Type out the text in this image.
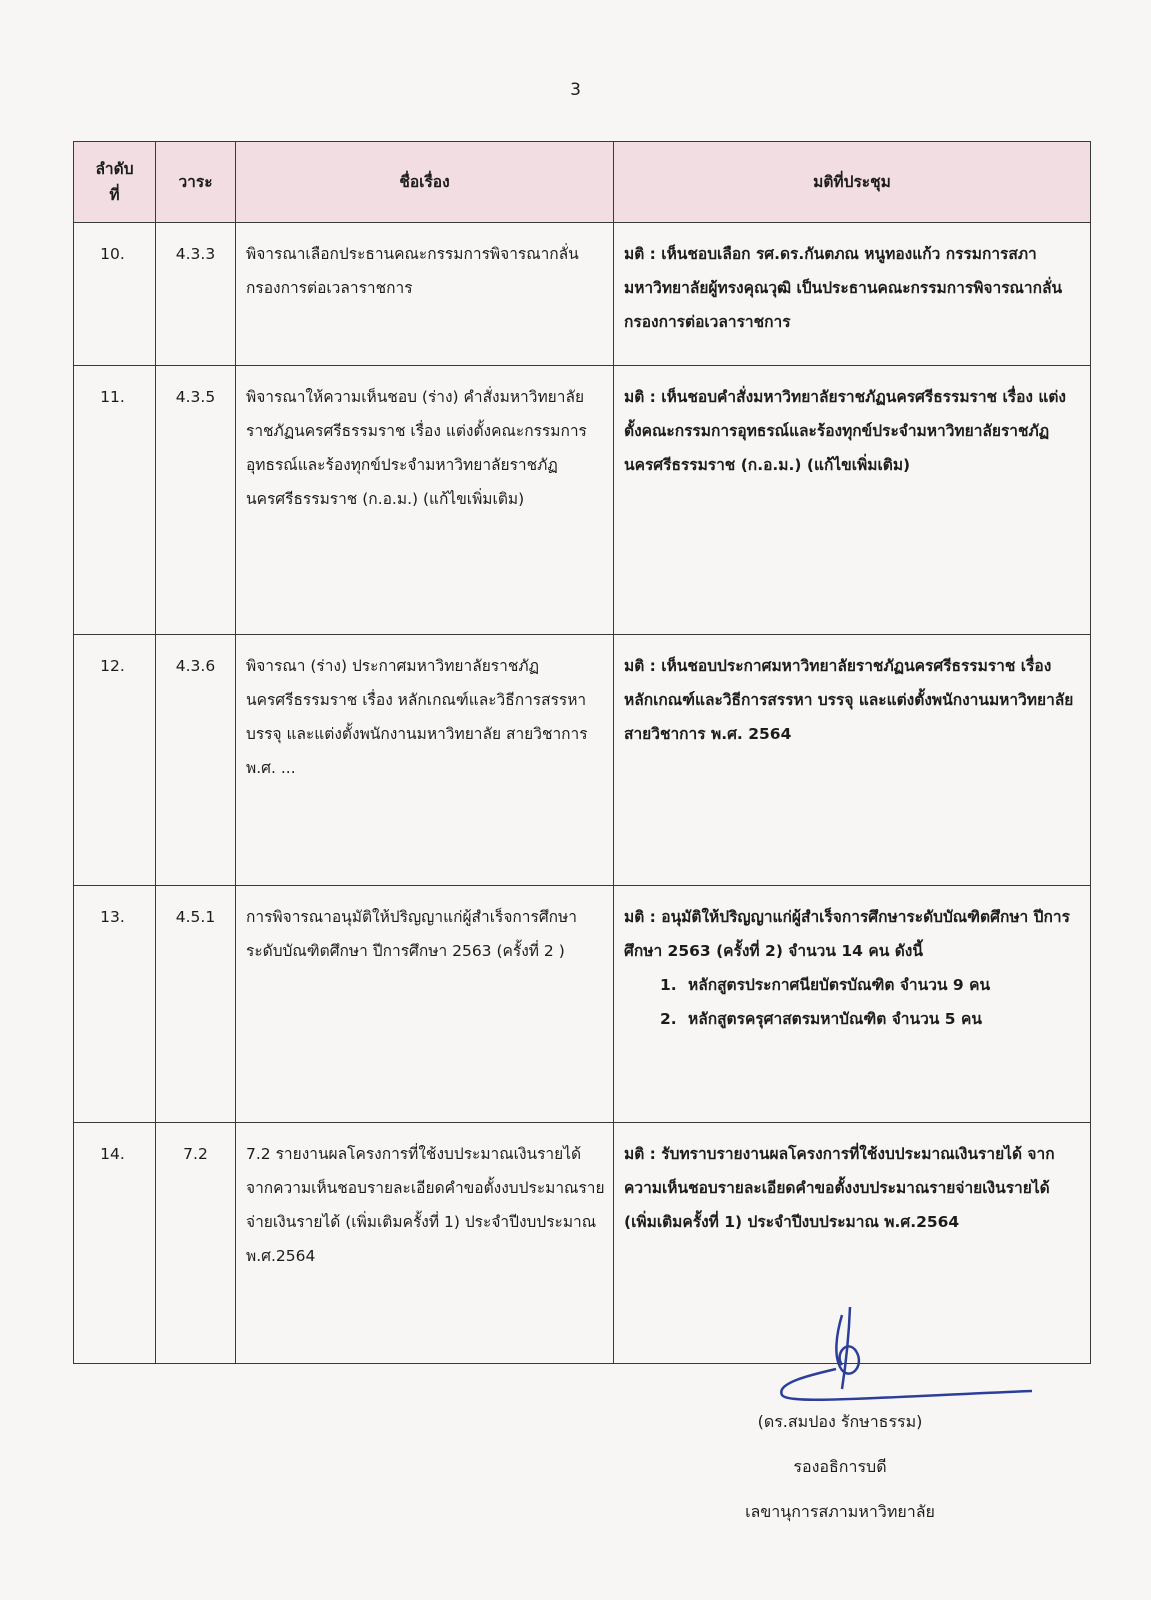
3
ลำดับ
ที่	วาระ	ชื่อเรื่อง	มติที่ประชุม
10.	4.3.3	พิจารณาเลือกประธานคณะกรรมการพิจารณากลั่นกรองการต่อเวลาราชการ	มติ : เห็นชอบเลือก รศ.ดร.กันตภณ หนูทองแก้ว กรรมการสภามหาวิทยาลัยผู้ทรงคุณวุฒิ เป็นประธานคณะกรรมการพิจารณากลั่นกรองการต่อเวลาราชการ
11.	4.3.5	พิจารณาให้ความเห็นชอบ (ร่าง) คำสั่งมหาวิทยาลัยราชภัฏนครศรีธรรมราช เรื่อง แต่งตั้งคณะกรรมการอุทธรณ์และร้องทุกข์ประจำมหาวิทยาลัยราชภัฏนครศรีธรรมราช (ก.อ.ม.) (แก้ไขเพิ่มเติม)	มติ : เห็นชอบคำสั่งมหาวิทยาลัยราชภัฏนครศรีธรรมราช เรื่อง แต่งตั้งคณะกรรมการอุทธรณ์และร้องทุกข์ประจำมหาวิทยาลัยราชภัฏนครศรีธรรมราช (ก.อ.ม.) (แก้ไขเพิ่มเติม)
12.	4.3.6	พิจารณา (ร่าง) ประกาศมหาวิทยาลัยราชภัฏนครศรีธรรมราช เรื่อง หลักเกณฑ์และวิธีการสรรหา บรรจุ และแต่งตั้งพนักงานมหาวิทยาลัย สายวิชาการ พ.ศ. ...	มติ : เห็นชอบประกาศมหาวิทยาลัยราชภัฏนครศรีธรรมราช เรื่อง หลักเกณฑ์และวิธีการสรรหา บรรจุ และแต่งตั้งพนักงานมหาวิทยาลัย สายวิชาการ พ.ศ. 2564
13.	4.5.1	การพิจารณาอนุมัติให้ปริญญาแก่ผู้สำเร็จการศึกษาระดับบัณฑิตศึกษา ปีการศึกษา 2563 (ครั้งที่ 2 )	มติ : อนุมัติให้ปริญญาแก่ผู้สำเร็จการศึกษาระดับบัณฑิตศึกษา ปีการศึกษา 2563 (ครั้งที่ 2) จำนวน 14 คน ดังนี้
1. หลักสูตรประกาศนียบัตรบัณฑิต จำนวน 9 คน
2. หลักสูตรครุศาสตรมหาบัณฑิต จำนวน 5 คน

14.	7.2	7.2 รายงานผลโครงการที่ใช้งบประมาณเงินรายได้ จากความเห็นชอบรายละเอียดคำขอตั้งงบประมาณรายจ่ายเงินรายได้ (เพิ่มเติมครั้งที่ 1) ประจำปีงบประมาณ พ.ศ.2564	มติ : รับทราบรายงานผลโครงการที่ใช้งบประมาณเงินรายได้ จากความเห็นชอบรายละเอียดคำขอตั้งงบประมาณรายจ่ายเงินรายได้ (เพิ่มเติมครั้งที่ 1) ประจำปีงบประมาณ พ.ศ.2564
(ดร.สมปอง รักษาธรรม)
รองอธิการบดี
เลขานุการสภามหาวิทยาลัย
